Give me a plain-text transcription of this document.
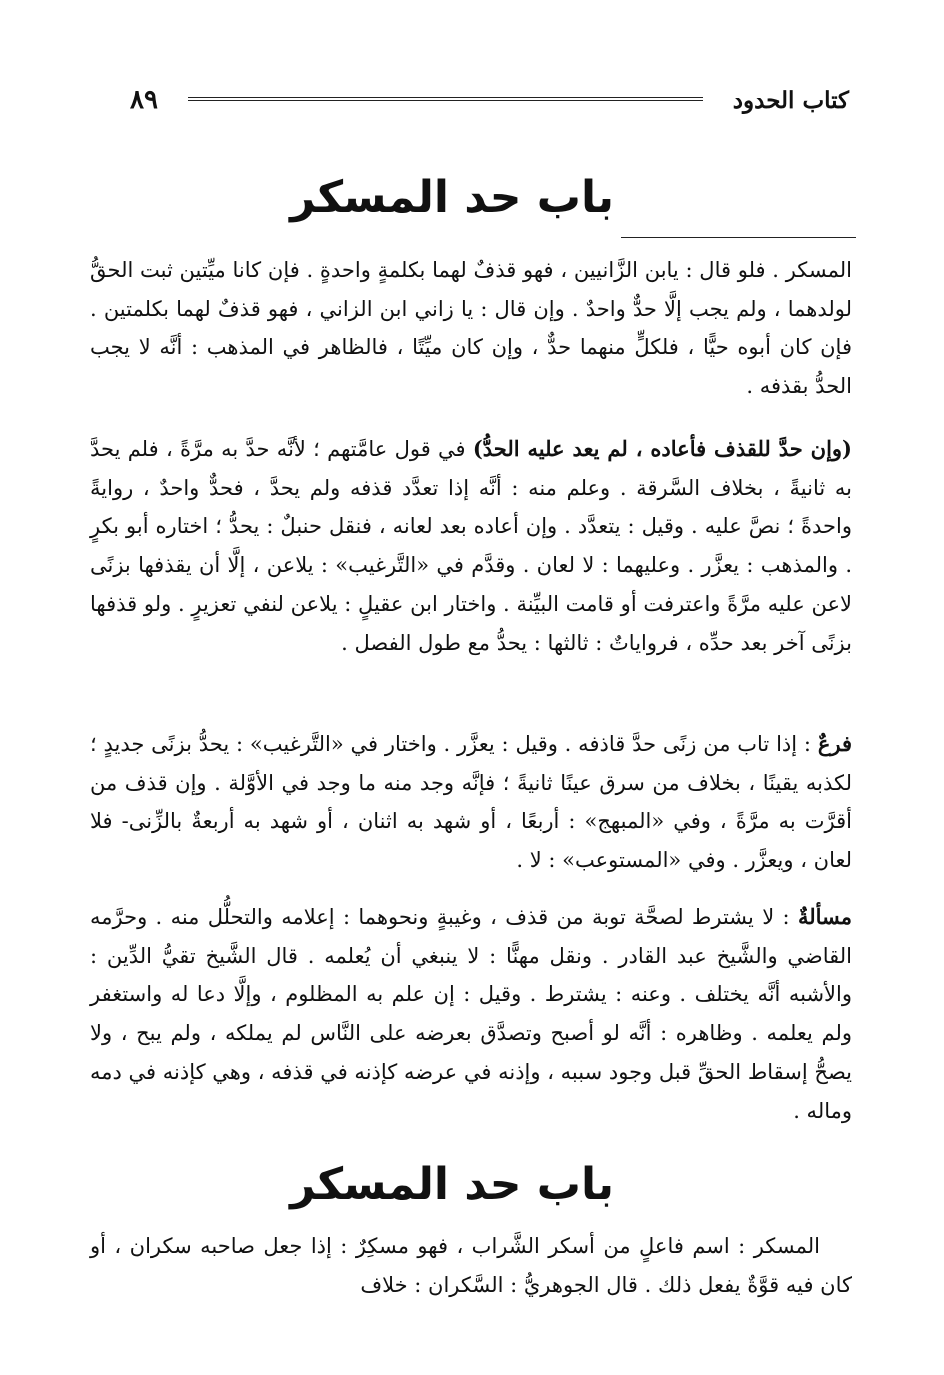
كتاب الحدود
٨٩
باب حد المسكر

المسكر . فلو قال : يابن الزَّانيين ، فهو قذفٌ لهما بكلمةٍ واحدةٍ . فإن كانا ميِّتين ثبت الحقُّ لولدهما ، ولم يجب إلَّا حدٌّ واحدٌ . وإن قال : يا زاني ابن الزاني ، فهو قذفٌ لهما بكلمتين . فإن كان أبوه حيًّا ، فلكلٍّ منهما حدٌّ ، وإن كان ميِّتًا ، فالظاهر في المذهب : أنَّه لا يجب الحدُّ بقذفه .

(وإن حدَّ للقذف فأعاده ، لم يعد عليه الحدُّ) في قول عامَّتهم ؛ لأنَّه حدَّ به مرَّةً ، فلم يحدَّ به ثانيةً ، بخلاف السَّرقة . وعلم منه : أنَّه إذا تعدَّد قذفه ولم يحدَّ ، فحدٌّ واحدٌ ، روايةً واحدةً ؛ نصَّ عليه . وقيل : يتعدَّد . وإن أعاده بعد لعانه ، فنقل حنبلٌ : يحدُّ ؛ اختاره أبو بكرٍ . والمذهب : يعزَّر . وعليهما : لا لعان . وقدَّم في «التَّرغيب» : يلاعن ، إلَّا أن يقذفها بزنًى لاعن عليه مرَّةً واعترفت أو قامت البيِّنة . واختار ابن عقيلٍ : يلاعن لنفي تعزيرٍ . ولو قذفها بزنًى آخر بعد حدِّه ، فرواياتٌ : ثالثها : يحدُّ مع طول الفصل .

فرعٌ : إذا تاب من زنًى حدَّ قاذفه . وقيل : يعزَّر . واختار في «التَّرغيب» : يحدُّ بزنًى جديدٍ ؛ لكذبه يقينًا ، بخلاف من سرق عينًا ثانيةً ؛ فإنَّه وجد منه ما وجد في الأوَّلة . وإن قذف من أقرَّت به مرَّةً ، وفي «المبهج» : أربعًا ، أو شهد به اثنان ، أو شهد به أربعةٌ بالزِّنى- فلا لعان ، ويعزَّر . وفي «المستوعب» : لا .

مسألةٌ : لا يشترط لصحَّة توبة من قذف ، وغيبةٍ ونحوهما : إعلامه والتحلُّل منه . وحرَّمه القاضي والشَّيخ عبد القادر . ونقل مهنًّا : لا ينبغي أن يُعلمه . قال الشَّيخ تقيُّ الدِّين : والأشبه أنَّه يختلف . وعنه : يشترط . وقيل : إن علم به المظلوم ، وإلَّا دعا له واستغفر ولم يعلمه . وظاهره : أنَّه لو أصبح وتصدَّق بعرضه على النَّاس لم يملكه ، ولم يبح ، ولا يصحُّ إسقاط الحقِّ قبل وجود سببه ، وإذنه في عرضه كإذنه في قذفه ، وهي كإذنه في دمه وماله .

باب حد المسكر

المسكر : اسم فاعلٍ من أسكر الشَّراب ، فهو مسكِرٌ : إذا جعل صاحبه سكران ، أو كان فيه قوَّةٌ يفعل ذلك . قال الجوهريُّ : السَّكران : خلاف
